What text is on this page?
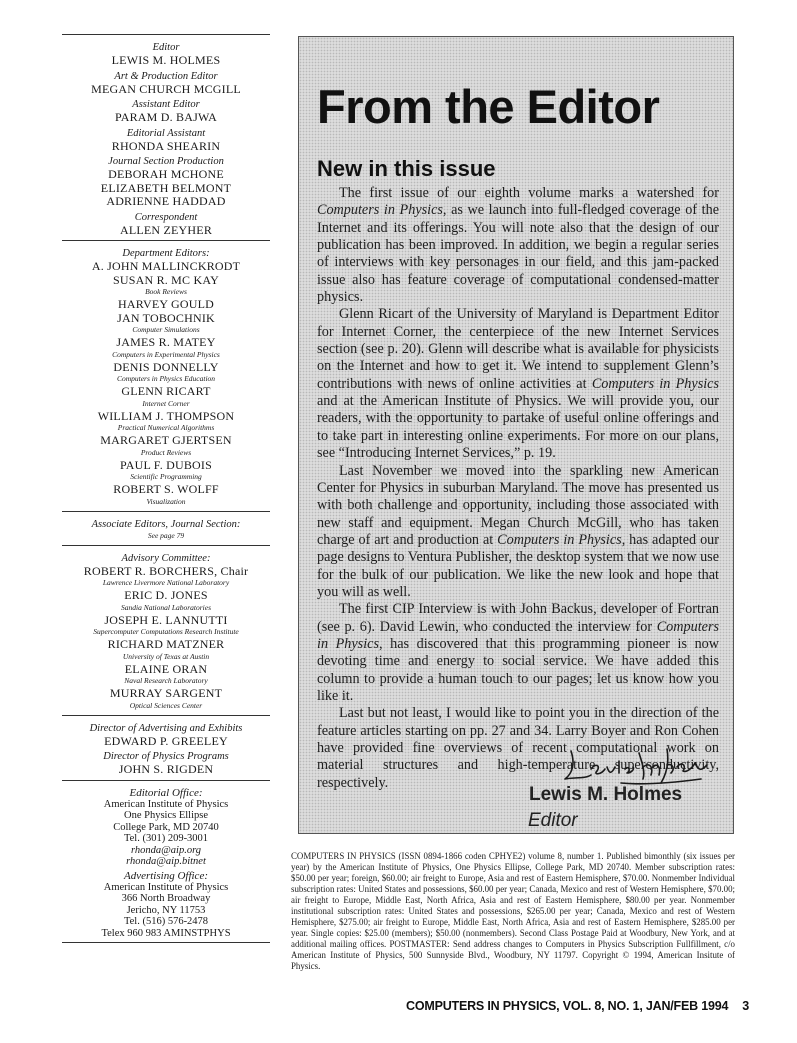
Editor
LEWIS M. HOLMES
Art & Production Editor
MEGAN CHURCH MCGILL
Assistant Editor
PARAM D. BAJWA
Editorial Assistant
RHONDA SHEARIN
Journal Section Production
DEBORAH MCHONE
ELIZABETH BELMONT
ADRIENNE HADDAD
Correspondent
ALLEN ZEYHER
Department Editors:
A. JOHN MALLINCKRODT
SUSAN R. MC KAY
Book Reviews
HARVEY GOULD
JAN TOBOCHNIK
Computer Simulations
JAMES R. MATEY
Computers in Experimental Physics
DENIS DONNELLY
Computers in Physics Education
GLENN RICART
Internet Corner
WILLIAM J. THOMPSON
Practical Numerical Algorithms
MARGARET GJERTSEN
Product Reviews
PAUL F. DUBOIS
Scientific Programming
ROBERT S. WOLFF
Visualization
Associate Editors, Journal Section:
See page 79
Advisory Committee:
ROBERT R. BORCHERS, Chair
Lawrence Livermore National Laboratory
ERIC D. JONES
Sandia National Laboratories
JOSEPH E. LANNUTTI
Supercomputer Computations Research Institute
RICHARD MATZNER
University of Texas at Austin
ELAINE ORAN
Naval Research Laboratory
MURRAY SARGENT
Optical Sciences Center
Director of Advertising and Exhibits
EDWARD P. GREELEY
Director of Physics Programs
JOHN S. RIGDEN
Editorial Office:
American Institute of Physics
One Physics Ellipse
College Park, MD 20740
Tel. (301) 209-3001
rhonda@aip.org
rhonda@aip.bitnet
Advertising Office:
American Institute of Physics
366 North Broadway
Jericho, NY 11753
Tel. (516) 576-2478
Telex 960 983 AMINSTPHYS
From the Editor
New in this issue

The first issue of our eighth volume marks a watershed for Computers in Physics, as we launch into full-fledged coverage of the Internet and its offerings. You will note also that the design of our publication has been improved. In addition, we begin a regular series of interviews with key personages in our field, and this jam-packed issue also has feature coverage of computational condensed-matter physics.

Glenn Ricart of the University of Maryland is Department Editor for Internet Corner, the centerpiece of the new Internet Services section (see p. 20). Glenn will describe what is available for physicists on the Internet and how to get it. We intend to supplement Glenn’s contributions with news of online activities at Computers in Physics and at the American Institute of Physics. We will provide you, our readers, with the opportunity to partake of useful online offerings and to take part in interesting online experiments. For more on our plans, see “Introducing Internet Services,” p. 19.

Last November we moved into the sparkling new American Center for Physics in suburban Maryland. The move has presented us with both challenge and opportunity, including those associated with new staff and equipment. Megan Church McGill, who has taken charge of art and production at Computers in Physics, has adapted our page designs to Ventura Publisher, the desktop system that we now use for the bulk of our publication. We like the new look and hope that you will as well.

The first CIP Interview is with John Backus, developer of Fortran (see p. 6). David Lewin, who conducted the interview for Computers in Physics, has discovered that this programming pioneer is now devoting time and energy to social service. We have added this column to provide a human touch to our pages; let us know how you like it.

Last but not least, I would like to point you in the direction of the feature articles starting on pp. 27 and 34. Larry Boyer and Ron Cohen have provided fine overviews of recent computational work on material structures and high-temperature superconductivity, respectively.

Lewis M. Holmes

Editor

COMPUTERS IN PHYSICS (ISSN 0894-1866 coden CPHYE2) volume 8, number 1. Published bimonthly (six issues per year) by the American Institute of Physics, One Physics Ellipse, College Park, MD 20740. Member subscription rates: $50.00 per year; foreign, $60.00; air freight to Europe, Asia and rest of Eastern Hemisphere, $70.00. Nonmember Individual subscription rates: United States and possessions, $60.00 per year; Canada, Mexico and rest of Western Hemisphere, $70.00; air freight to Europe, Middle East, North Africa, Asia and rest of Eastern Hemisphere, $80.00 per year. Nonmember institutional subscription rates: United States and possessions, $265.00 per year; Canada, Mexico and rest of Western Hemisphere, $275.00; air freight to Europe, Middle East, North Africa, Asia and rest of Eastern Hemisphere, $285.00 per year. Single copies: $25.00 (members); $50.00 (nonmembers). Second Class Postage Paid at Woodbury, New York, and at additional mailing offices. POSTMASTER: Send address changes to Computers in Physics Subscription Fullfillment, c/o American Institute of Physics, 500 Sunnyside Blvd., Woodbury, NY 11797. Copyright © 1994, American Insitute of Physics.

COMPUTERS IN PHYSICS, VOL. 8, NO. 1, JAN/FEB 1994 3
